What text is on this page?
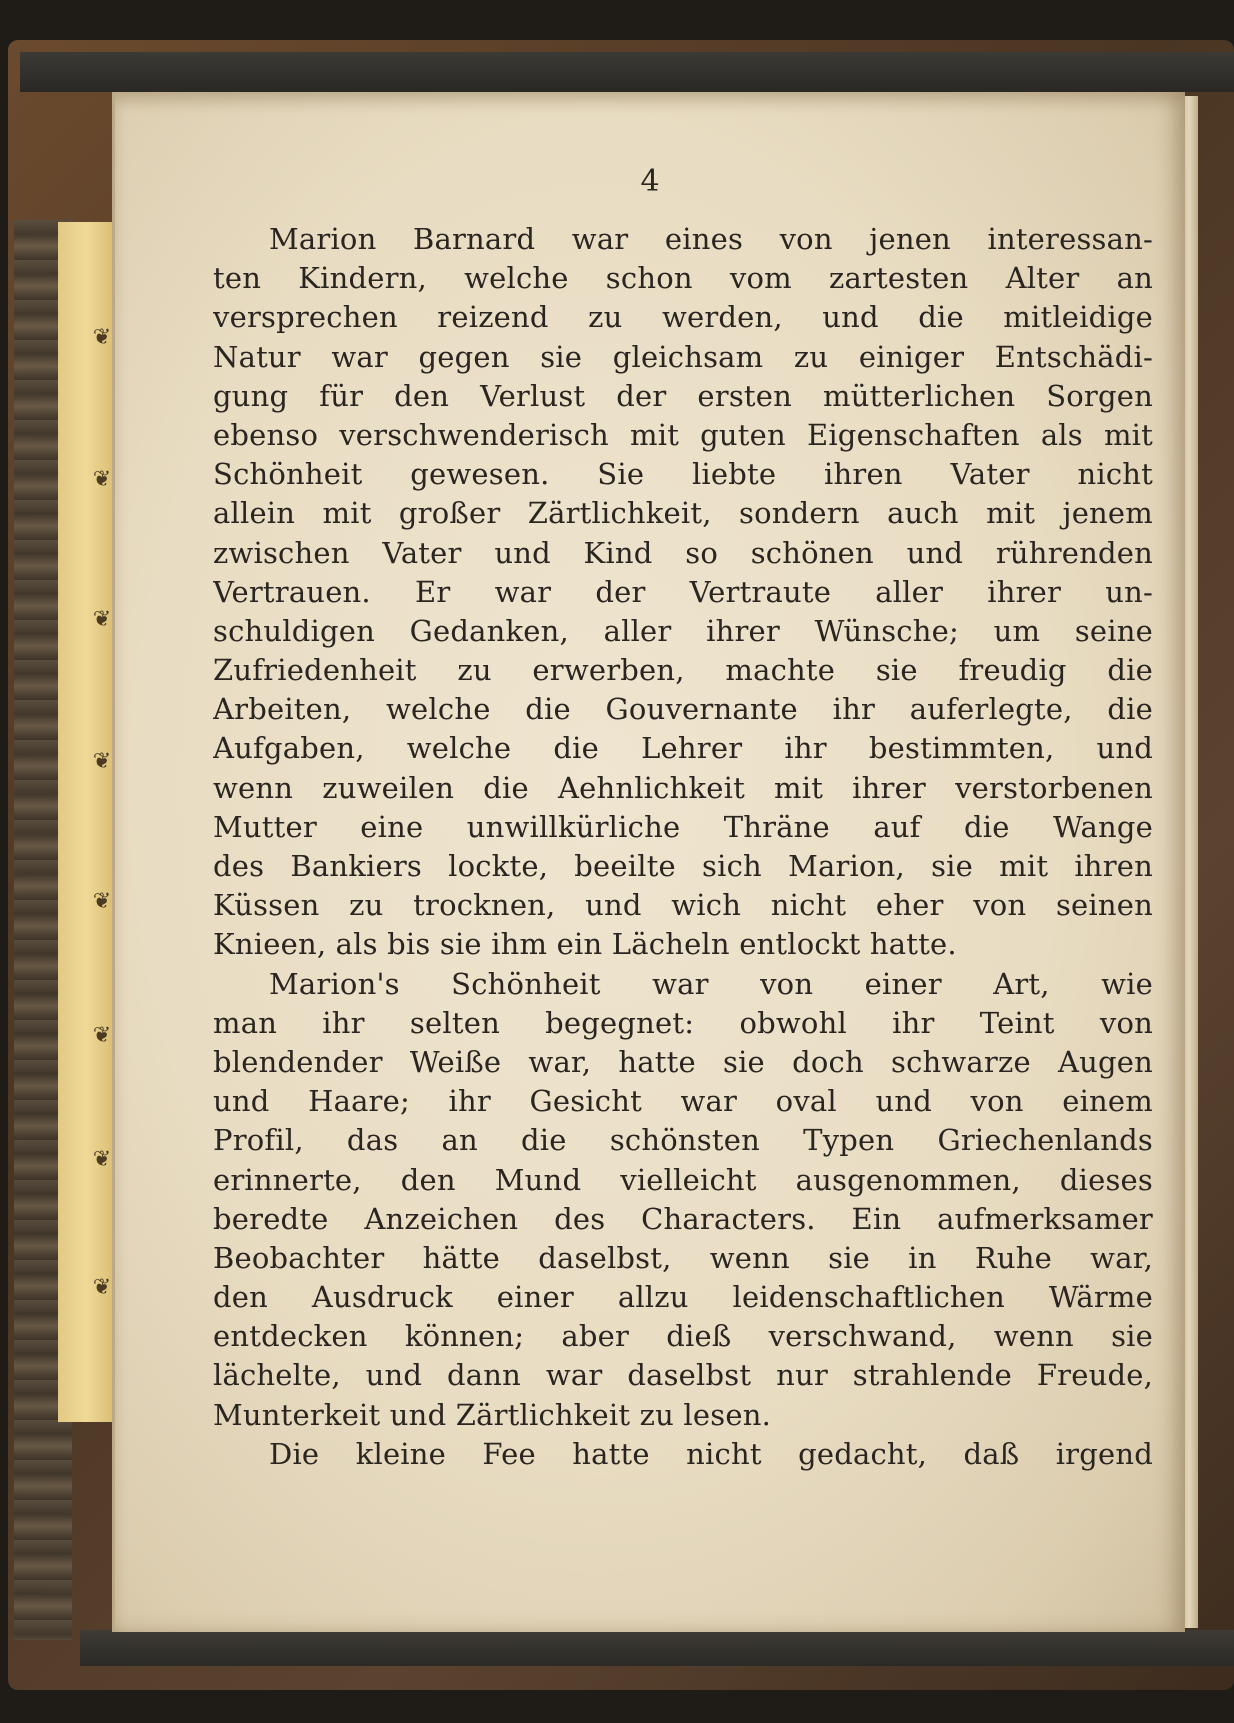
❦
❦
❦
❦
❦
❦
❦
❦
4
Marion Barnard war eines von jenen interessan-
ten Kindern, welche schon vom zartesten Alter an
versprechen reizend zu werden, und die mitleidige
Natur war gegen sie gleichsam zu einiger Entschädi-
gung für den Verlust der ersten mütterlichen Sorgen
ebenso verschwenderisch mit guten Eigenschaften als mit
Schönheit gewesen. Sie liebte ihren Vater nicht
allein mit großer Zärtlichkeit, sondern auch mit jenem
zwischen Vater und Kind so schönen und rührenden
Vertrauen. Er war der Vertraute aller ihrer un-
schuldigen Gedanken, aller ihrer Wünsche; um seine
Zufriedenheit zu erwerben, machte sie freudig die
Arbeiten, welche die Gouvernante ihr auferlegte, die
Aufgaben, welche die Lehrer ihr bestimmten, und
wenn zuweilen die Aehnlichkeit mit ihrer verstorbenen
Mutter eine unwillkürliche Thräne auf die Wange
des Bankiers lockte, beeilte sich Marion, sie mit ihren
Küssen zu trocknen, und wich nicht eher von seinen
Knieen, als bis sie ihm ein Lächeln entlockt hatte.
Marion's Schönheit war von einer Art, wie
man ihr selten begegnet: obwohl ihr Teint von
blendender Weiße war, hatte sie doch schwarze Augen
und Haare; ihr Gesicht war oval und von einem
Profil, das an die schönsten Typen Griechenlands
erinnerte, den Mund vielleicht ausgenommen, dieses
beredte Anzeichen des Characters. Ein aufmerksamer
Beobachter hätte daselbst, wenn sie in Ruhe war,
den Ausdruck einer allzu leidenschaftlichen Wärme
entdecken können; aber dieß verschwand, wenn sie
lächelte, und dann war daselbst nur strahlende Freude,
Munterkeit und Zärtlichkeit zu lesen.
Die kleine Fee hatte nicht gedacht, daß irgend
